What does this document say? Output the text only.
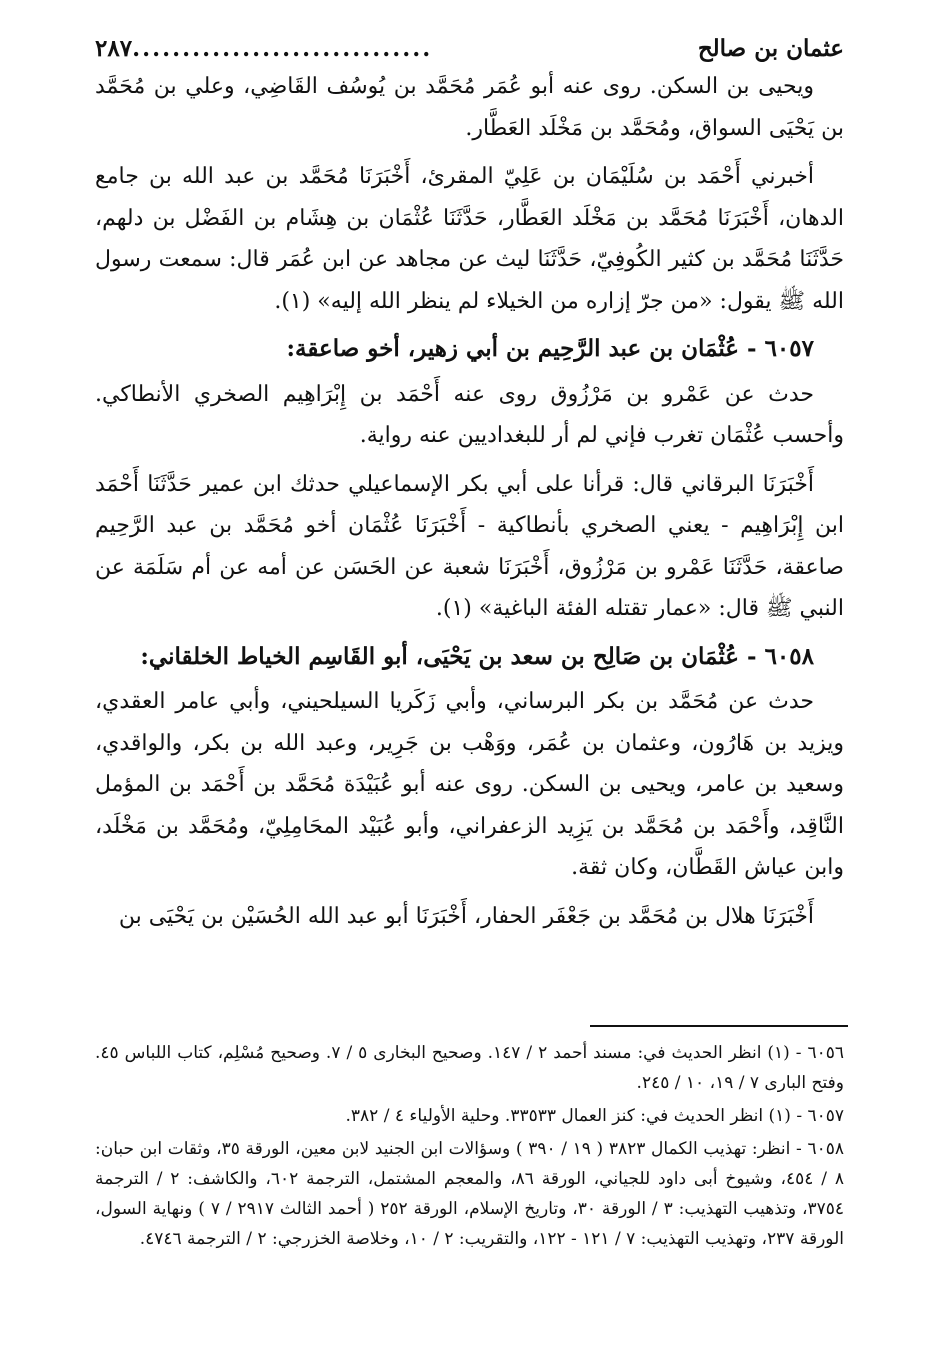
عثمان بن صالح
..............................
٢٨٧

ويحيى بن السكن. روى عنه أبو عُمَر مُحَمَّد بن يُوسُف القَاضِي، وعلي بن مُحَمَّد بن يَحْيَى السواق، ومُحَمَّد بن مَخْلَد العَطَّار.

أخبرني أَحْمَد بن سُلَيْمَان بن عَلِيّ المقرئ، أَخْبَرَنَا مُحَمَّد بن عبد الله بن جامع الدهان، أَخْبَرَنَا مُحَمَّد بن مَخْلَد العَطَّار، حَدَّثَنَا عُثْمَان بن هِشَام بن الفَضْل بن دلهم، حَدَّثَنَا مُحَمَّد بن كثير الكُوفِيّ، حَدَّثَنَا ليث عن مجاهد عن ابن عُمَر قال: سمعت رسول الله ﷺ يقول: «من جرّ إزاره من الخيلاء لم ينظر الله إليه» (١).

٦٠٥٧ - عُثْمَان بن عبد الرَّحِيم بن أبي زهير، أخو صاعقة:

حدث عن عَمْرو بن مَرْزُوق روى عنه أَحْمَد بن إِبْرَاهِيم الصخري الأنطاكي. وأحسب عُثْمَان تغرب فإني لم أر للبغداديين عنه رواية.

أَخْبَرَنَا البرقاني قال: قرأنا على أبي بكر الإسماعيلي حدثك ابن عمير حَدَّثَنَا أَحْمَد ابن إِبْرَاهِيم - يعني الصخري بأنطاكية - أَخْبَرَنَا عُثْمَان أخو مُحَمَّد بن عبد الرَّحِيم صاعقة، حَدَّثَنَا عَمْرو بن مَرْزُوق، أَخْبَرَنَا شعبة عن الحَسَن عن أمه عن أم سَلَمَة عن النبي ﷺ قال: «عمار تقتله الفئة الباغية» (١).

٦٠٥٨ - عُثْمَان بن صَالِح بن سعد بن يَحْيَى، أبو القَاسِم الخياط الخلقاني:

حدث عن مُحَمَّد بن بكر البرساني، وأبي زَكَريا السيلحيني، وأبي عامر العقدي، ويزيد بن هَارُون، وعثمان بن عُمَر، ووَهْب بن جَرِير، وعبد الله بن بكر، والواقدي، وسعيد بن عامر، ويحيى بن السكن. روى عنه أبو عُبَيْدَة مُحَمَّد بن أَحْمَد بن المؤمل النَّاقِد، وأَحْمَد بن مُحَمَّد بن يَزِيد الزعفراني، وأبو عُبَيْد المحَامِلِيّ، ومُحَمَّد بن مَخْلَد، وابن عياش القَطَّان، وكان ثقة.

أَخْبَرَنَا هلال بن مُحَمَّد بن جَعْفَر الحفار، أَخْبَرَنَا أبو عبد الله الحُسَيْن بن يَحْيَى بن

٦٠٥٦ - (١) انظر الحديث في: مسند أحمد ٢ / ١٤٧. وصحيح البخارى ٥ / ٧. وصحيح مُسْلِم، كتاب اللباس ٤٥. وفتح البارى ٧ / ١٩، ١٠ / ٢٤٥.

٦٠٥٧ - (١) انظر الحديث في: كنز العمال ٣٣٥٣٣. وحلية الأولياء ٤ / ٣٨٢.

٦٠٥٨ - انظر: تهذيب الكمال ٣٨٢٣ ( ١٩ / ٣٩٠ ) وسؤالات ابن الجنيد لابن معين، الورقة ٣٥، وثقات ابن حبان: ٨ / ٤٥٤، وشيوخ أبى داود للجياني، الورقة ٨٦، والمعجم المشتمل، الترجمة ٦٠٢، والكاشف: ٢ / الترجمة ٣٧٥٤، وتذهيب التهذيب: ٣ / الورقة ٣٠، وتاريخ الإسلام، الورقة ٢٥٢ ( أحمد الثالث ٢٩١٧ / ٧ ) ونهاية السول، الورقة ٢٣٧، وتهذيب التهذيب: ٧ / ١٢١ - ١٢٢، والتقريب: ٢ / ١٠، وخلاصة الخزرجي: ٢ / الترجمة ٤٧٤٦.
